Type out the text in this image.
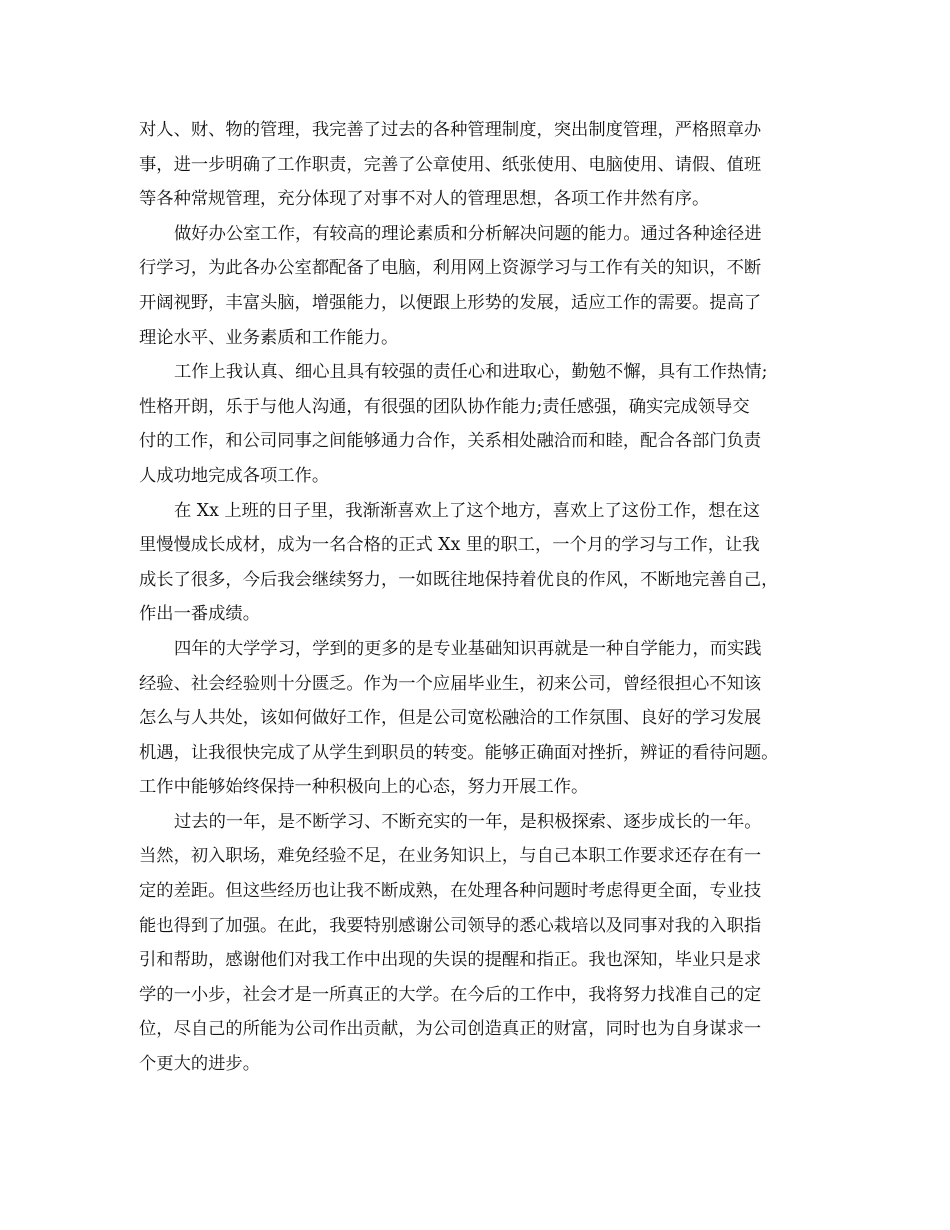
对人、财、物的管理，我完善了过去的各种管理制度，突出制度管理，严格照章办
事，进一步明确了工作职责，完善了公章使用、纸张使用、电脑使用、请假、值班
等各种常规管理，充分体现了对事不对人的管理思想，各项工作井然有序。
做好办公室工作，有较高的理论素质和分析解决问题的能力。通过各种途径进
行学习，为此各办公室都配备了电脑，利用网上资源学习与工作有关的知识，不断
开阔视野，丰富头脑，增强能力，以便跟上形势的发展，适应工作的需要。提高了
理论水平、业务素质和工作能力。
工作上我认真、细心且具有较强的责任心和进取心，勤勉不懈，具有工作热情;
性格开朗，乐于与他人沟通，有很强的团队协作能力;责任感强，确实完成领导交
付的工作，和公司同事之间能够通力合作，关系相处融洽而和睦，配合各部门负责
人成功地完成各项工作。
在 Xx 上班的日子里，我渐渐喜欢上了这个地方，喜欢上了这份工作，想在这
里慢慢成长成材，成为一名合格的正式 Xx 里的职工，一个月的学习与工作，让我
成长了很多，今后我会继续努力，一如既往地保持着优良的作风，不断地完善自己，
作出一番成绩。
四年的大学学习，学到的更多的是专业基础知识再就是一种自学能力，而实践
经验、社会经验则十分匮乏。作为一个应届毕业生，初来公司，曾经很担心不知该
怎么与人共处，该如何做好工作，但是公司宽松融洽的工作氛围、良好的学习发展
机遇，让我很快完成了从学生到职员的转变。能够正确面对挫折，辨证的看待问题。
工作中能够始终保持一种积极向上的心态，努力开展工作。
过去的一年，是不断学习、不断充实的一年，是积极探索、逐步成长的一年。
当然，初入职场，难免经验不足，在业务知识上，与自己本职工作要求还存在有一
定的差距。但这些经历也让我不断成熟，在处理各种问题时考虑得更全面，专业技
能也得到了加强。在此，我要特别感谢公司领导的悉心栽培以及同事对我的入职指
引和帮助，感谢他们对我工作中出现的失误的提醒和指正。我也深知，毕业只是求
学的一小步，社会才是一所真正的大学。在今后的工作中，我将努力找准自己的定
位，尽自己的所能为公司作出贡献，为公司创造真正的财富，同时也为自身谋求一
个更大的进步。
